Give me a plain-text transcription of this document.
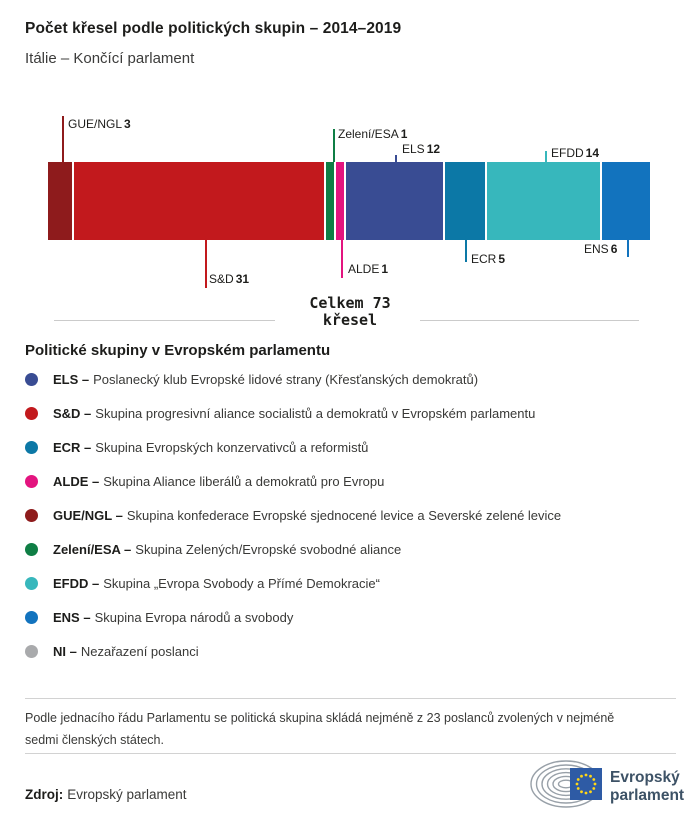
Počet křesel podle politických skupin – 2014–2019
Itálie – Končící parlament
GUE/NGL 3
S&D 31
Zelení/ESA 1
ALDE 1
ELS 12
ECR 5
EFDD 14
ENS 6
Celkem 73
křesel
Politické skupiny v Evropském parlamentu
ELS – Poslanecký klub Evropské lidové strany (Křesťanských demokratů)
S&D – Skupina progresivní aliance socialistů a demokratů v Evropském parlamentu
ECR – Skupina Evropských konzervativců a reformistů
ALDE – Skupina Aliance liberálů a demokratů pro Evropu
GUE/NGL – Skupina konfederace Evropské sjednocené levice a Severské zelené levice
Zelení/ESA – Skupina Zelených/Evropské svobodné aliance
EFDD – Skupina „Evropa Svobody a Přímé Demokracie“
ENS – Skupina Evropa národů a svobody
NI – Nezařazení poslanci

Podle jednacího řádu Parlamentu se politická skupina skládá nejméně z 23 poslanců zvolených v nejméně sedmi členských státech.

Zdroj: Evropský parlament
Evropský
parlament
